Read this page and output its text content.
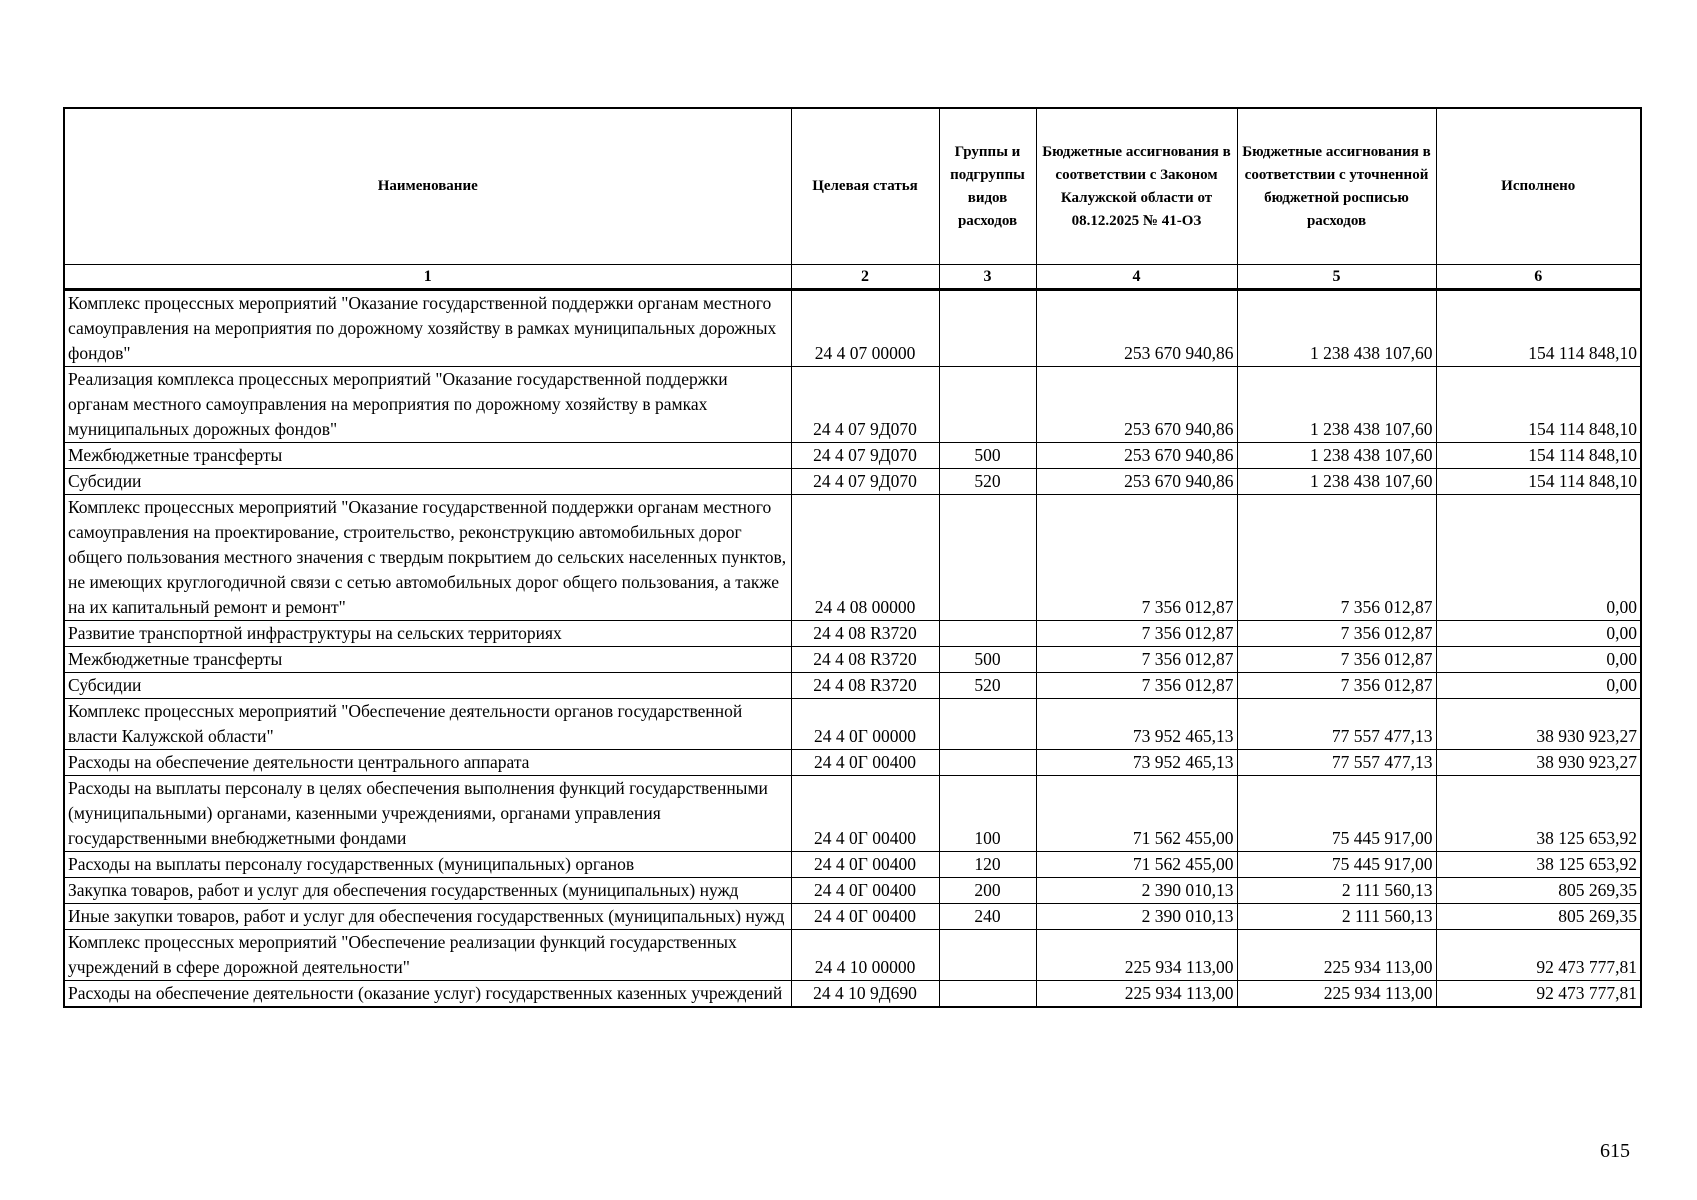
Наименование	Целевая статья	Группы и подгруппы видов расходов	Бюджетные ассигнования в соответствии с Законом Калужской области от 08.12.2025 № 41-ОЗ	Бюджетные ассигнования в соответствии с уточненной бюджетной росписью расходов	Исполнено
1	2	3	4	5	6
Комплекс процессных мероприятий "Оказание государственной поддержки органам местного самоуправления на мероприятия по дорожному хозяйству в рамках муниципальных дорожных фондов"	24 4 07 00000		253 670 940,86	1 238 438 107,60	154 114 848,10
Реализация комплекса процессных мероприятий "Оказание государственной поддержки органам местного самоуправления на мероприятия по дорожному хозяйству в рамках муниципальных дорожных фондов"	24 4 07 9Д070		253 670 940,86	1 238 438 107,60	154 114 848,10
Межбюджетные трансферты	24 4 07 9Д070	500	253 670 940,86	1 238 438 107,60	154 114 848,10
Субсидии	24 4 07 9Д070	520	253 670 940,86	1 238 438 107,60	154 114 848,10
Комплекс процессных мероприятий "Оказание государственной поддержки органам местного самоуправления на проектирование, строительство, реконструкцию автомобильных дорог общего пользования местного значения с твердым покрытием до сельских населенных пунктов, не имеющих круглогодичной связи с сетью автомобильных дорог общего пользования, а также на их капитальный ремонт и ремонт"	24 4 08 00000		7 356 012,87	7 356 012,87	0,00
Развитие транспортной инфраструктуры на сельских территориях	24 4 08 R3720		7 356 012,87	7 356 012,87	0,00
Межбюджетные трансферты	24 4 08 R3720	500	7 356 012,87	7 356 012,87	0,00
Субсидии	24 4 08 R3720	520	7 356 012,87	7 356 012,87	0,00
Комплекс процессных мероприятий "Обеспечение деятельности органов государственной власти Калужской области"	24 4 0Г 00000		73 952 465,13	77 557 477,13	38 930 923,27
Расходы на обеспечение деятельности центрального аппарата	24 4 0Г 00400		73 952 465,13	77 557 477,13	38 930 923,27
Расходы на выплаты персоналу в целях обеспечения выполнения функций государственными (муниципальными) органами, казенными учреждениями, органами управления государственными внебюджетными фондами	24 4 0Г 00400	100	71 562 455,00	75 445 917,00	38 125 653,92
Расходы на выплаты персоналу государственных (муниципальных) органов	24 4 0Г 00400	120	71 562 455,00	75 445 917,00	38 125 653,92
Закупка товаров, работ и услуг для обеспечения государственных (муниципальных) нужд	24 4 0Г 00400	200	2 390 010,13	2 111 560,13	805 269,35
Иные закупки товаров, работ и услуг для обеспечения государственных (муниципальных) нужд	24 4 0Г 00400	240	2 390 010,13	2 111 560,13	805 269,35
Комплекс процессных мероприятий "Обеспечение реализации функций государственных учреждений в сфере дорожной деятельности"	24 4 10 00000		225 934 113,00	225 934 113,00	92 473 777,81
Расходы на обеспечение деятельности (оказание услуг) государственных казенных учреждений	24 4 10 9Д690		225 934 113,00	225 934 113,00	92 473 777,81
615
